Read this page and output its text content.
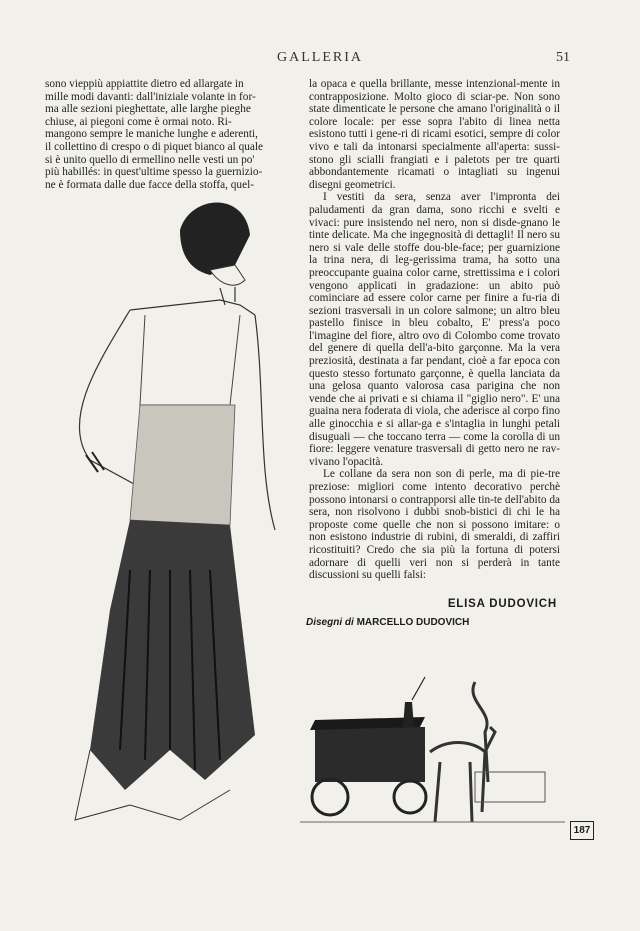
GALLERIA	51

sono vieppiù appiattite dietro ed allargate in

mille modi davanti: dall'iniziale volante in for-

ma alle sezioni pieghettate, alle larghe pieghe

chiuse, ai piegoni come è ormai noto. Ri-

mangono sempre le maniche lunghe e aderenti,

il collettino di crespo o di piquet bianco al quale

si è unito quello di ermellino nelle vesti un po'

più habillés: in quest'ultime spesso la guernizio-

ne è formata dalle due facce della stoffa, quel-

la opaca e quella brillante, messe intenzional-mente in contrapposizione. Molto gioco di sciar-pe. Non sono state dimenticate le persone che amano l'originalità o il colore locale: per esse sopra l'abito di linea netta esistono tutti i gene-ri di ricami esotici, sempre di color vivo e tali da intonarsi specialmente all'aperta: sussi-stono gli scialli frangiati e i paletots per tre quarti abbondantemente ricamati o intagliati su ingenui disegni geometrici.

I vestiti da sera, senza aver l'impronta dei paludamenti da gran dama, sono ricchi e svelti e vivaci: pure insistendo nel nero, non si disde-gnano le tinte delicate. Ma che ingegnosità di dettagli! Il nero su nero si vale delle stoffe dou-ble-face; per guarnizione la trina nera, di leg-gerissima trama, ha sotto una preoccupante guaina color carne, strettissima e i colori vengono applicati in gradazione: un abito può cominciare ad essere color carne per finire a fu-ria di sezioni trasversali in un colore salmone; un altro bleu pastello finisce in bleu cobalto, E' press'a poco l'imagine del fiore, altro ovo di Colombo come trovato del genere di quella dell'a-bito garçonne. Ma la vera preziosità, destinata a far pendant, cioè a far epoca con questo stesso fortunato garçonne, è quella lanciata da una gelosa quanto valorosa casa parigina che non vende che ai privati e si chiama il "giglio nero". E' una guaina nera foderata di viola, che aderisce al corpo fino alle ginocchia e si allar-ga e s'intaglia in lunghi petali disuguali — che toccano terra — come la corolla di un fiore: leggere venature trasversali di getto nero ne rav-vivano l'opacità.

Le collane da sera non son di perle, ma di pie-tre preziose: migliori come intento decorativo perchè possono intonarsi o contrapporsi alle tin-te dell'abito da sera, non risolvono i dubbi snob-bistici di chi le ha proposte come quelle che non si possono imitare: o non esistono industrie di rubini, di smeraldi, di zaffiri ricostituiti? Credo che sia più la fortuna di potersi adornare di quelli veri non si perderà in tante discussioni su quelli falsi:

ELISA DUDOVICH
Disegni di MARCELLO DUDOVICH
187
